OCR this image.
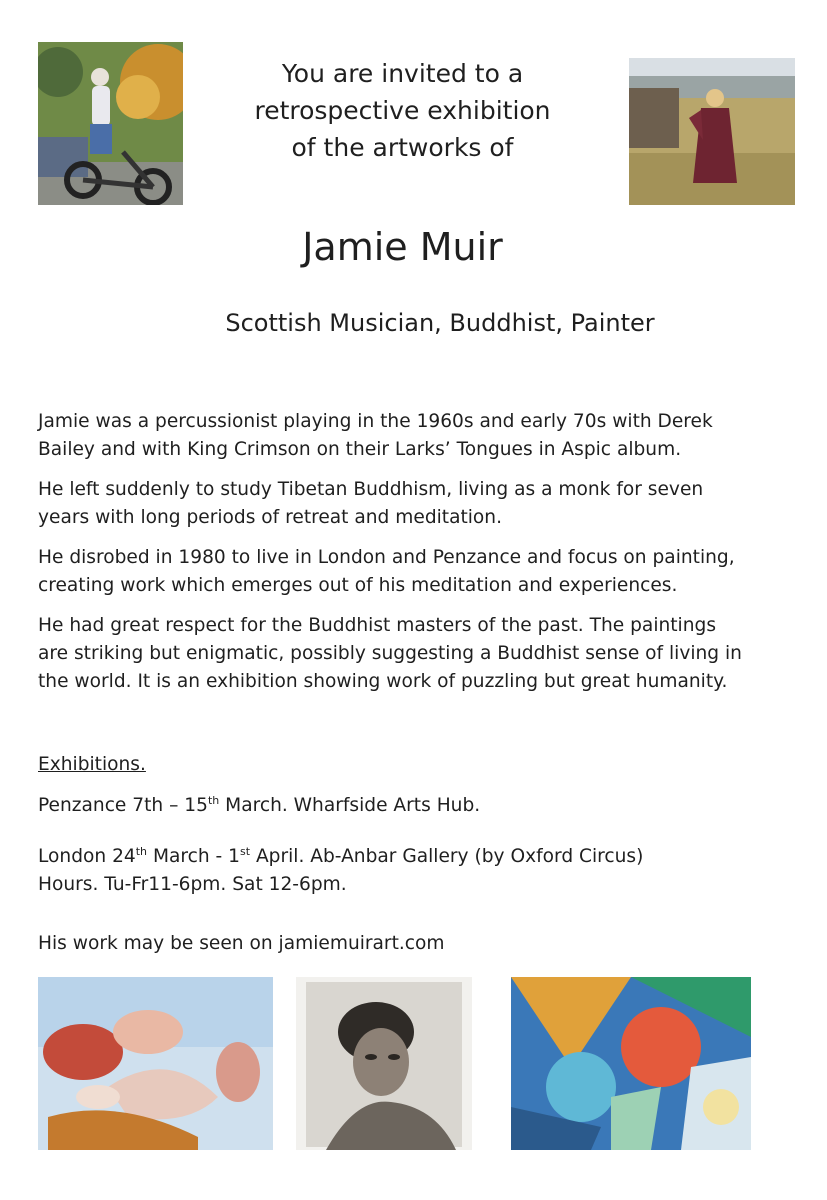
You are invited to a
retrospective exhibition
of the artworks of
Jamie Muir
Scottish Musician, Buddhist, Painter

Jamie was a percussionist playing in the 1960s and early 70s with Derek
Bailey and with King Crimson on their Larks’ Tongues in Aspic album.

He left suddenly to study Tibetan Buddhism, living as a monk for seven
years with long periods of retreat and meditation.

He disrobed in 1980 to live in London and Penzance and focus on painting,
creating work which emerges out of his meditation and experiences.

He had great respect for the Buddhist masters of the past. The paintings
are striking but enigmatic, possibly suggesting a Buddhist sense of living in
the world. It is an exhibition showing work of puzzling but great humanity.

Exhibitions.
Penzance 7th – 15th March. Wharfside Arts Hub.
London 24th March - 1st April. Ab-Anbar Gallery (by Oxford Circus)
Hours. Tu-Fr11-6pm. Sat 12-6pm.
His work may be seen on jamiemuirart.com
